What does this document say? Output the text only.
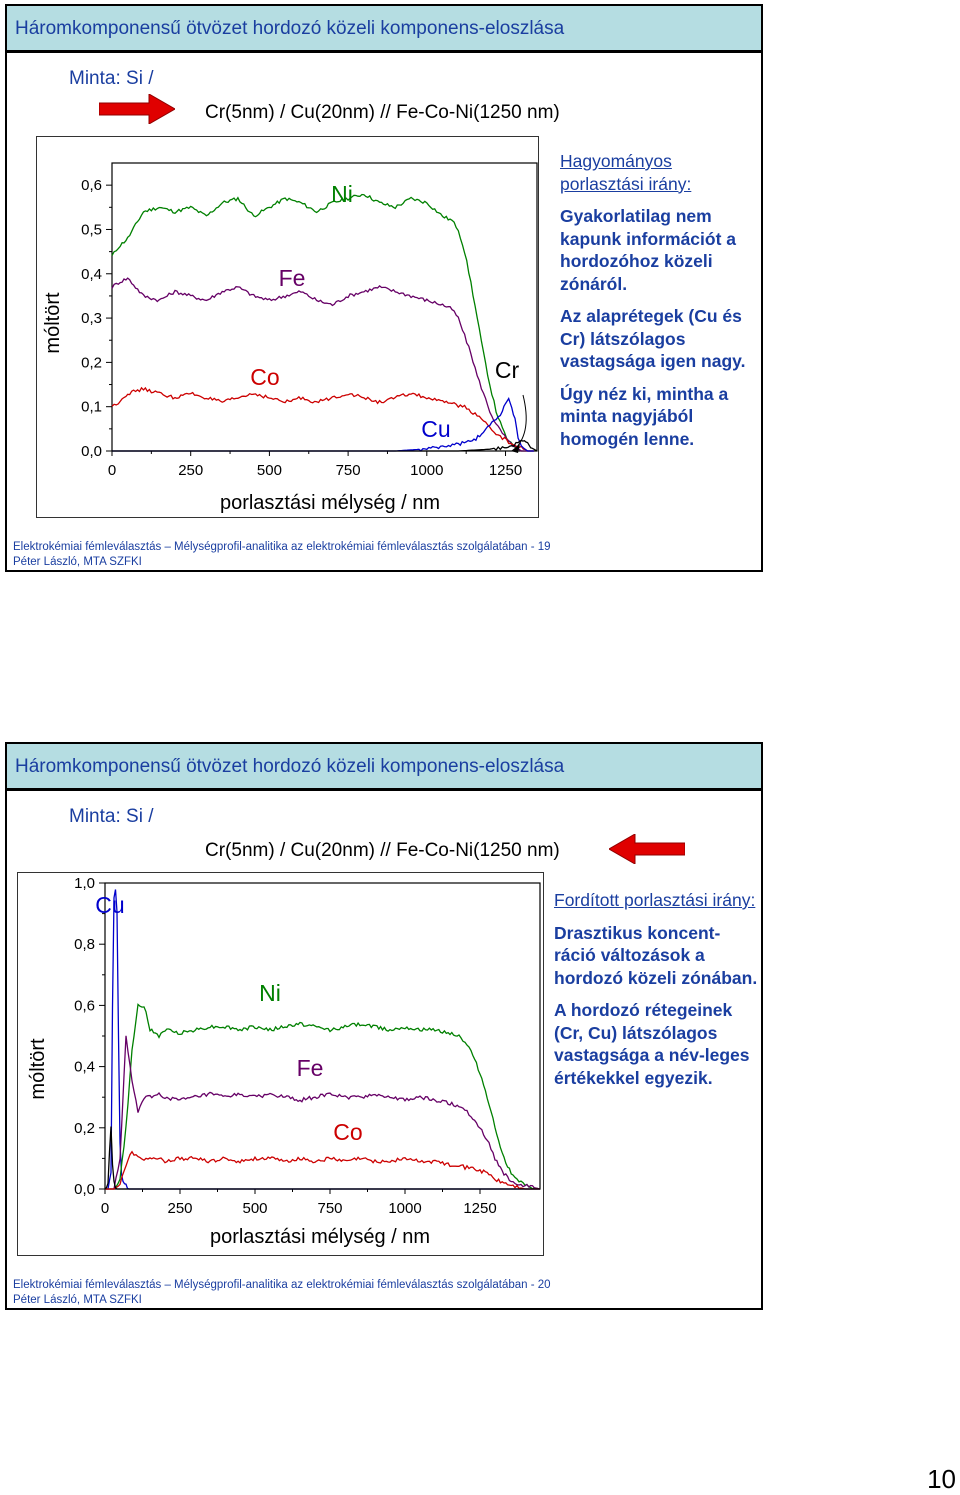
Háromkomponensű ötvözet hordozó közeli komponens-eloszlása
Minta: Si /
Cr(5nm) / Cu(20nm) // Fe-Co-Ni(1250 nm)
0,0
0,1
0,2
0,3
0,4
0,5
0,6
0	250	500	750	1000	1250
porlasztási mélység / nm
móltört
Ni
Fe
Co
Cu
Cr

Hagyományos porlasztási irány:

Gyakorlatilag nem kapunk információt a hordozóhoz közeli zónáról.

Az alaprétegek (Cu és Cr) látszólagos vastagsága igen nagy.

Úgy néz ki, mintha a minta nagyjából homogén lenne.

Elektrokémiai fémleválasztás – Mélységprofil-analitika az elektrokémiai fémleválasztás szolgálatában - 19
Péter László, MTA SZFKI
Háromkomponensű ötvözet hordozó közeli komponens-eloszlása
Minta: Si /
Cr(5nm) / Cu(20nm) // Fe-Co-Ni(1250 nm)
0,0
0,2
0,4
0,6
0,8
1,0
0	250	500	750	1000	1250
porlasztási mélység / nm
móltört
Cu
Ni
Fe
Co

Fordított porlasztási irány:

Drasztikus koncent-ráció változások a hordozó közeli zónában.

A hordozó rétegeinek (Cr, Cu) látszólagos vastagsága a név-leges értékekkel egyezik.

Elektrokémiai fémleválasztás – Mélységprofil-analitika az elektrokémiai fémleválasztás szolgálatában - 20
Péter László, MTA SZFKI
10
